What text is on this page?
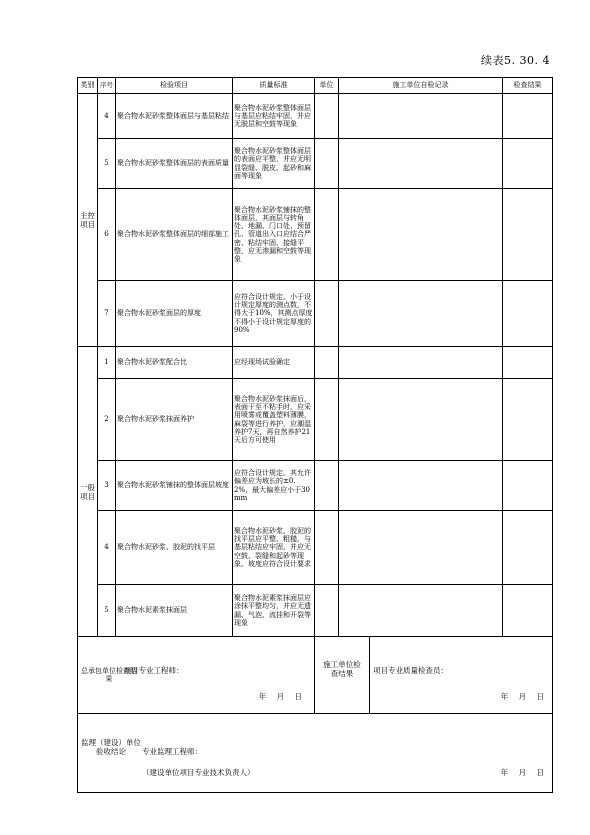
续表5. 30. 4
类别	序号	检验项目	质量标准	单位	施工单位自检记录	检查结果
主控项目	4	聚合物水泥砂浆整体面层与基层粘结	聚合物水泥砂浆整体面层与基层应粘结牢固，并应无脱层和空鼓等现象			
	5	聚合物水泥砂浆整体面层的表面质量	聚合物水泥砂浆整体面层的表面应平整，并应无明显裂缝、脱皮、起砂和麻面等现象			
	6	聚合物水泥砂浆整体面层的细部施工	聚合物水泥砂浆铺抹的整体面层，其面层与转角处、地漏、门口处、预留孔、管道出入口应结合严密、粘结牢固、接缝平整，应无渗漏和空鼓等现象			
	7	聚合物水泥砂浆面层的厚度	应符合设计规定。小于设计规定厚度的测点数，不得大于10%，其测点厚度不得小于设计规定厚度的90%			
一般项目	1	聚合物水泥砂浆配合比	应经现场试验确定			
	2	聚合物水泥砂浆抹面养护	聚合物水泥砂浆抹面后，表面干至不粘手时，应采用喷雾或覆盖塑料薄膜，麻袋等进行养护，应潮湿养护7天，再自然养护21天后方可使用			
	3	聚合物水泥砂浆铺抹的整体面层坡度	应符合设计规定。其允许偏差应为坡长的±0.2%，最大偏差应小于30mm			
	4	聚合物水泥砂浆、胶泥的找平层	聚合物水泥砂浆、胶泥的找平层应平整、粗糙，与基层粘结应牢固，并应无空鼓、裂缝和起砂等现象。坡度应符合设计要求			
	5	聚合物水泥素浆抹面层	聚合物水泥素浆抹面层应涂抹平整均匀，并应无遗漏、气泡、流挂和开裂等现象			
总承包单位检查结果		项目专业工程师：
年 月 日		施工单位检查结果 项目专业质量检查员：
年 月 日		

监理（建设）单位验收结论 专业监理工程师：
（建设单位项目专业技术负责人） 年 月 日						
